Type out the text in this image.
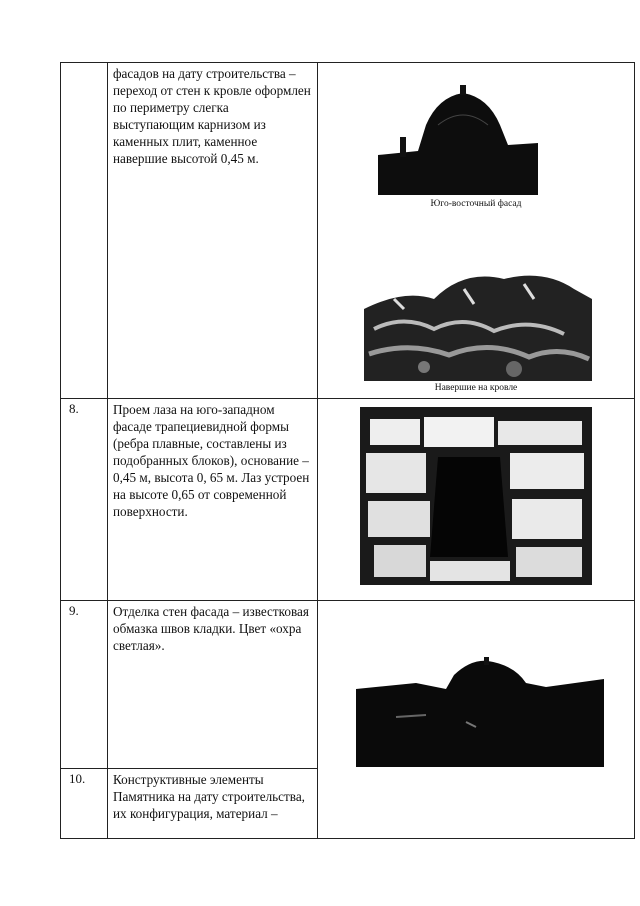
	фасадов на дату строительства – переход от стен к кровле оформлен по периметру слегка выступающим карнизом из каменных плит, каменное навершие высотой 0,45 м.	Юго-восточный фасад
Навершие на кровле

8.	Проем лаза на юго-западном фасаде трапециевидной формы (ребра плавные, составлены из подобранных блоков), основание – 0,45 м, высота 0, 65 м. Лаз устроен на высоте 0,65 от современной поверхности.	

9.	Отделка стен фасада – известковая обмазка швов кладки. Цвет «охра светлая».	

10.	Конструктивные элементы Памятника на дату строительства, их конфигурация, материал –	
